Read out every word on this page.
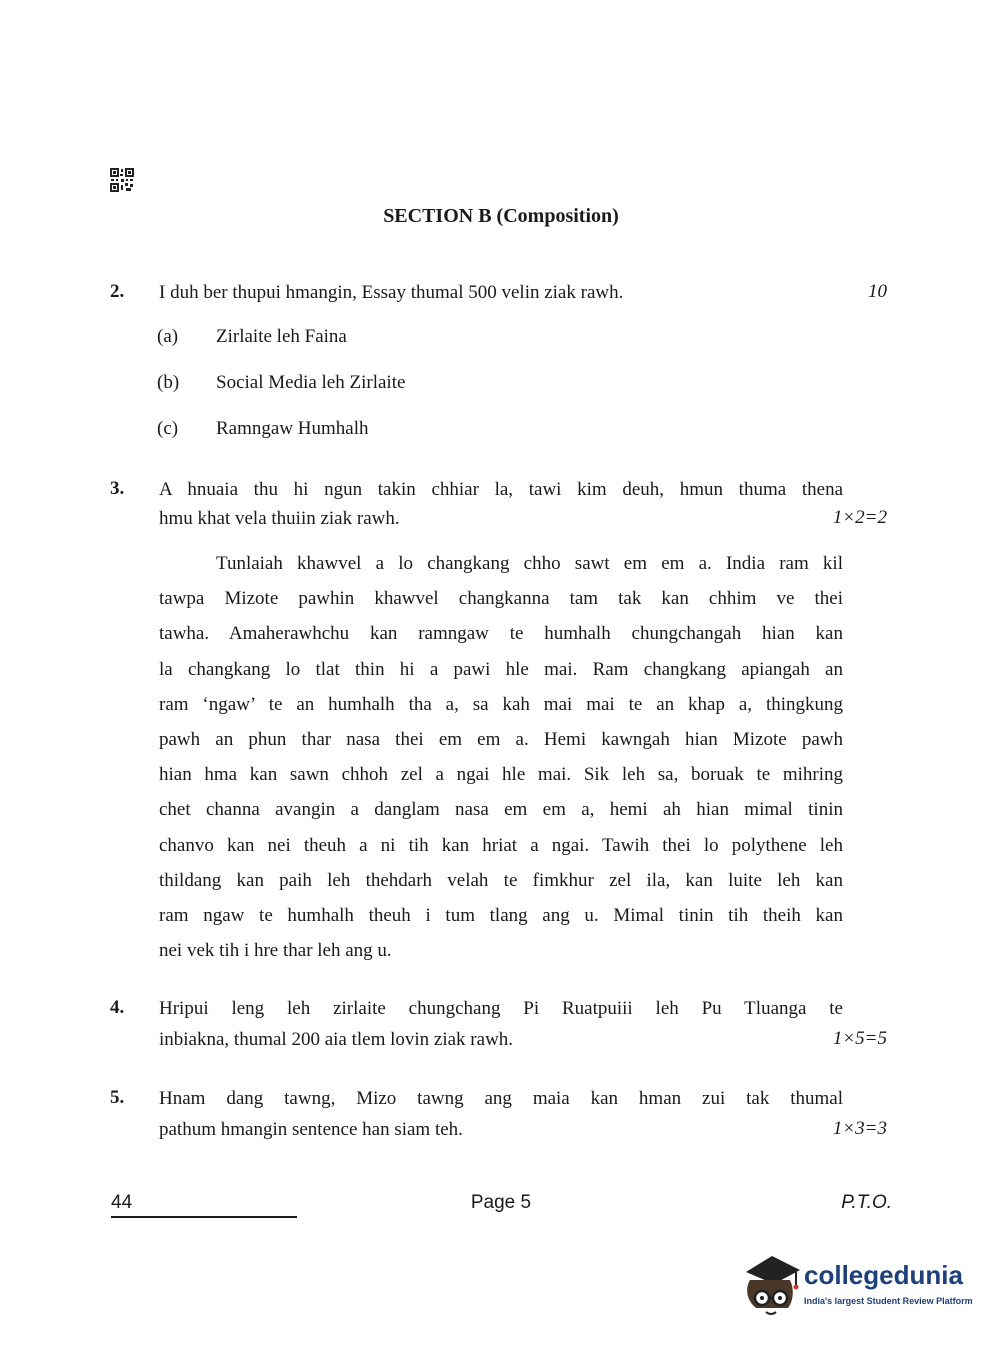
SECTION B (Composition)
2. I duh ber thupui hmangin, Essay thumal 500 velin ziak rawh.	10
(a) Zirlaite leh Faina
(b) Social Media leh Zirlaite
(c) Ramngaw Humhalh
3. A hnuaia thu hi ngun takin chhiar la, tawi kim deuh, hmun thuma thena
hmu khat vela thuiin ziak rawh.	1×2=2
Tunlaiah khawvel a lo changkang chho sawt em em a. India ram kil
tawpa Mizote pawhin khawvel changkanna tam tak kan chhim ve thei
tawha. Amaherawhchu kan ramngaw te humhalh chungchangah hian kan
la changkang lo tlat thin hi a pawi hle mai. Ram changkang apiangah an
ram ‘ngaw’ te an humhalh tha a, sa kah mai mai te an khap a, thingkung
pawh an phun thar nasa thei em em a. Hemi kawngah hian Mizote pawh
hian hma kan sawn chhoh zel a ngai hle mai. Sik leh sa, boruak te mihring
chet channa avangin a danglam nasa em em a, hemi ah hian mimal tinin
chanvo kan nei theuh a ni tih kan hriat a ngai. Tawih thei lo polythene leh
thildang kan paih leh thehdarh velah te fimkhur zel ila, kan luite leh kan
ram ngaw te humhalh theuh i tum tlang ang u. Mimal tinin tih theih kan
nei vek tih i hre thar leh ang u.
4. Hripui leng leh zirlaite chungchang Pi Ruatpuiii leh Pu Tluanga te
inbiakna, thumal 200 aia tlem lovin ziak rawh.	1×5=5
5. Hnam dang tawng, Mizo tawng ang maia kan hman zui tak thumal
pathum hmangin sentence han siam teh.	1×3=3
44	Page 5	P.T.O.
collegedunia
India's largest Student Review Platform
